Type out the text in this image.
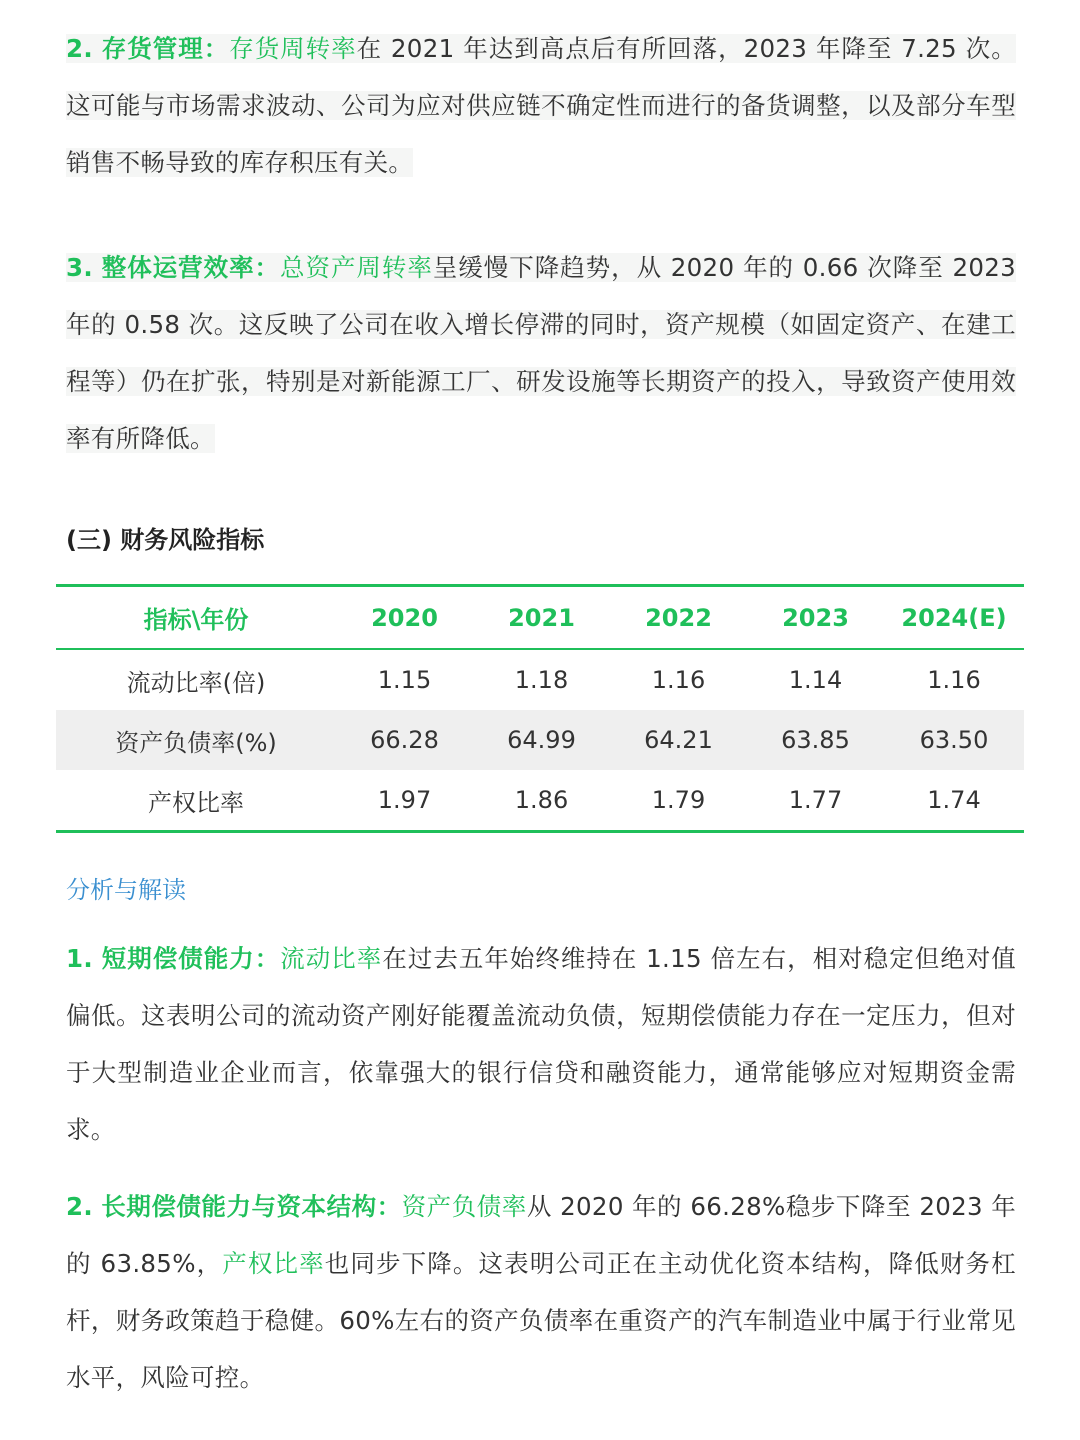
2. 存货管理：存货周转率在 2021 年达到高点后有所回落，2023 年降至 7.25 次。这可能与市场需求波动、公司为应对供应链不确定性而进行的备货调整，以及部分车型销售不畅导致的库存积压有关。

3. 整体运营效率：总资产周转率呈缓慢下降趋势，从 2020 年的 0.66 次降至 2023 年的 0.58 次。这反映了公司在收入增长停滞的同时，资产规模（如固定资产、在建工程等）仍在扩张，特别是对新能源工厂、研发设施等长期资产的投入，导致资产使用效率有所降低。

(三) 财务风险指标
指标\年份	2020	2021	2022	2023	2024(E)
流动比率(倍)	1.15	1.18	1.16	1.14	1.16
资产负债率(%)	66.28	64.99	64.21	63.85	63.50
产权比率	1.97	1.86	1.79	1.77	1.74
分析与解读

1. 短期偿债能力：流动比率在过去五年始终维持在 1.15 倍左右，相对稳定但绝对值偏低。这表明公司的流动资产刚好能覆盖流动负债，短期偿债能力存在一定压力，但对于大型制造业企业而言，依靠强大的银行信贷和融资能力，通常能够应对短期资金需求。

2. 长期偿债能力与资本结构：资产负债率从 2020 年的 66.28%稳步下降至 2023 年的 63.85%，产权比率也同步下降。这表明公司正在主动优化资本结构，降低财务杠杆，财务政策趋于稳健。60%左右的资产负债率在重资产的汽车制造业中属于行业常见水平，风险可控。
